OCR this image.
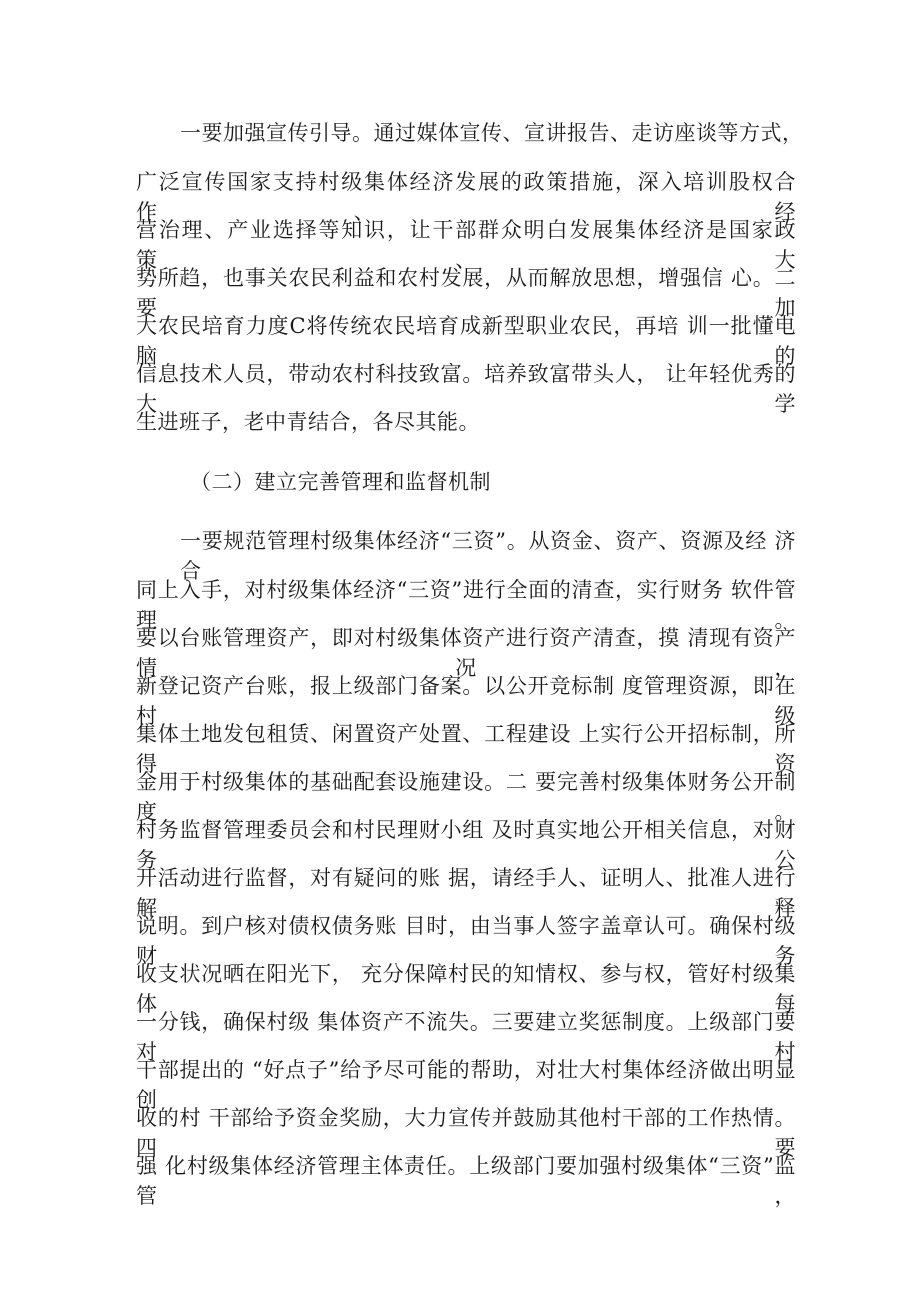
一要加强宣传引导。通过媒体宣传、宣讲报告、走访座谈等方式，
广泛宣传国家支持村级集体经济发展的政策措施，深入培训股权合作、 经
营治理、产业选择等知识，让干部群众明白发展集体经济是国家政 策、大
势所趋，也事关农民利益和农村发展，从而解放思想，增强信 心。二要加
大农民培育力度C将传统农民培育成新型职业农民，再培 训一批懂电脑的
信息技术人员，带动农村科技致富。培养致富带头人， 让年轻优秀的大学
生进班子，老中青结合，各尽其能。
（二）建立完善管理和监督机制
一要规范管理村级集体经济“三资”。从资金、资产、资源及经 济合
同上入手，对村级集体经济“三资”进行全面的清查，实行财务 软件管理。
要以台账管理资产，即对村级集体资产进行资产清查，摸 清现有资产情况，
新登记资产台账，报上级部门备案。以公开竞标制 度管理资源，即在村级
集体土地发包租赁、闲置资产处置、工程建设 上实行公开招标制，所得资
金用于村级集体的基础配套设施建设。二 要完善村级集体财务公开制度。
村务监督管理委员会和村民理财小组 及时真实地公开相关信息，对财务公
开活动进行监督，对有疑问的账 据，请经手人、证明人、批准人进行解释
说明。到户核对债权债务账 目时，由当事人签字盖章认可。确保村级财务
收支状况晒在阳光下， 充分保障村民的知情权、参与权，管好村级集体每
一分钱，确保村级 集体资产不流失。三要建立奖惩制度。上级部门要对村
干部提出的 “好点子”给予尽可能的帮助，对壮大村集体经济做出明显创
收的村 干部给予资金奖励，大力宣传并鼓励其他村干部的工作热情。四要
强 化村级集体经济管理主体责任。上级部门要加强村级集体“三资”监 管，
